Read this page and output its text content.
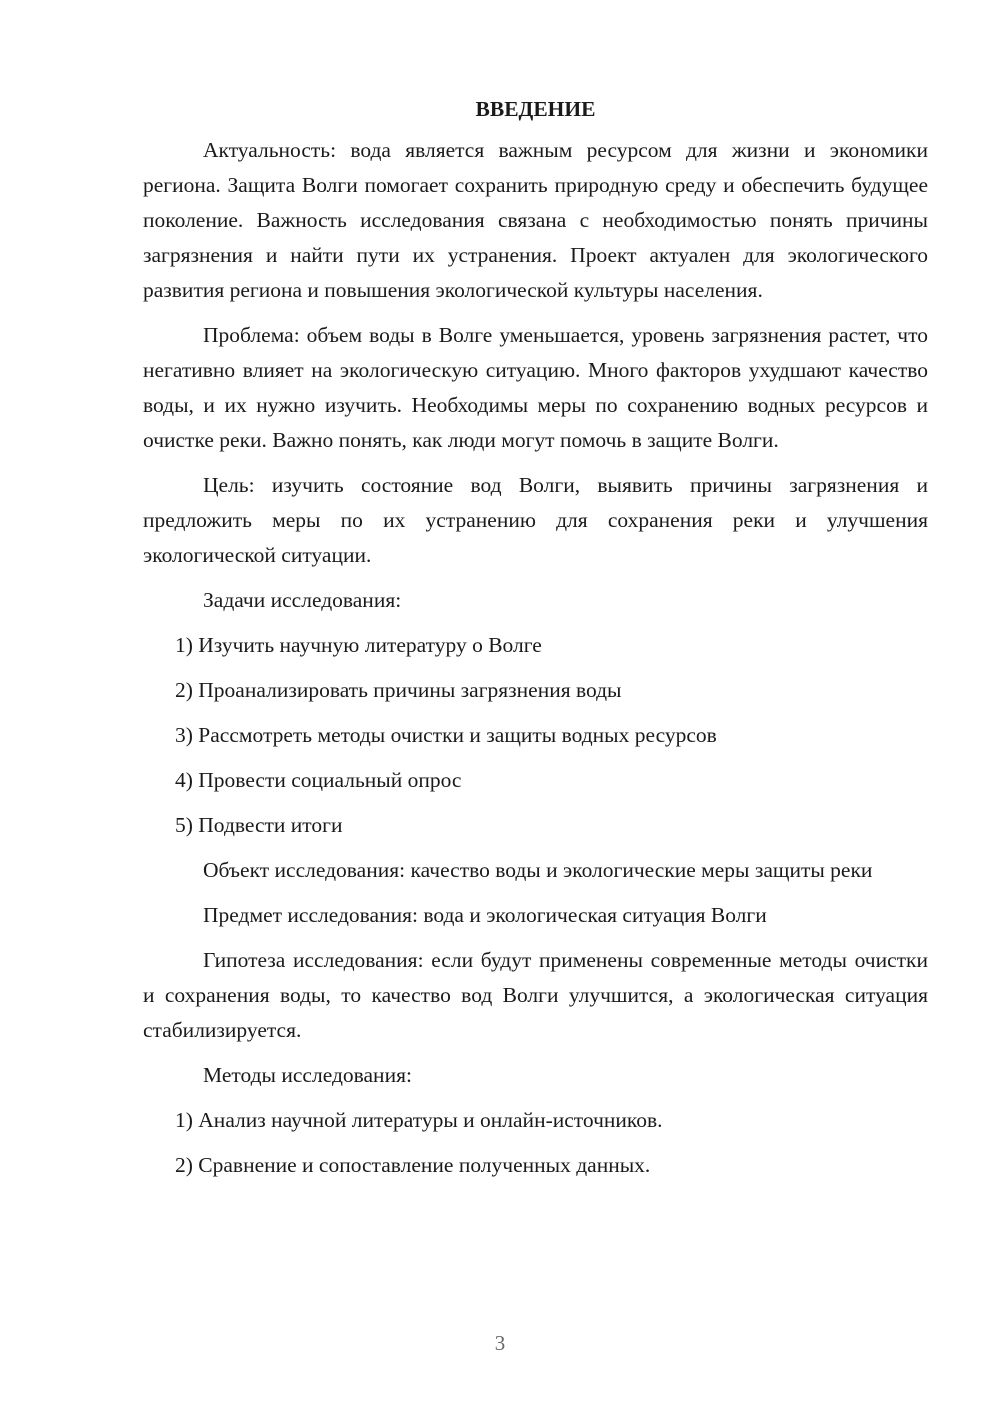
ВВЕДЕНИЕ

Актуальность: вода является важным ресурсом для жизни и экономики региона. Защита Волги помогает сохранить природную среду и обеспечить будущее поколение. Важность исследования связана с необходимостью понять причины загрязнения и найти пути их устранения. Проект актуален для экологического развития региона и повышения экологической культуры населения.

Проблема: объем воды в Волге уменьшается, уровень загрязнения растет, что негативно влияет на экологическую ситуацию. Много факторов ухудшают качество воды, и их нужно изучить. Необходимы меры по сохранению водных ресурсов и очистке реки. Важно понять, как люди могут помочь в защите Волги.

Цель: изучить состояние вод Волги, выявить причины загрязнения и предложить меры по их устранению для сохранения реки и улучшения экологической ситуации.

Задачи исследования:

1) Изучить научную литературу о Волге

2) Проанализировать причины загрязнения воды

3) Рассмотреть методы очистки и защиты водных ресурсов

4) Провести социальный опрос

5) Подвести итоги

Объект исследования: качество воды и экологические меры защиты реки

Предмет исследования: вода и экологическая ситуация Волги

Гипотеза исследования: если будут применены современные методы очистки и сохранения воды, то качество вод Волги улучшится, а экологическая ситуация стабилизируется.

Методы исследования:

1) Анализ научной литературы и онлайн-источников.

2) Сравнение и сопоставление полученных данных.

3
